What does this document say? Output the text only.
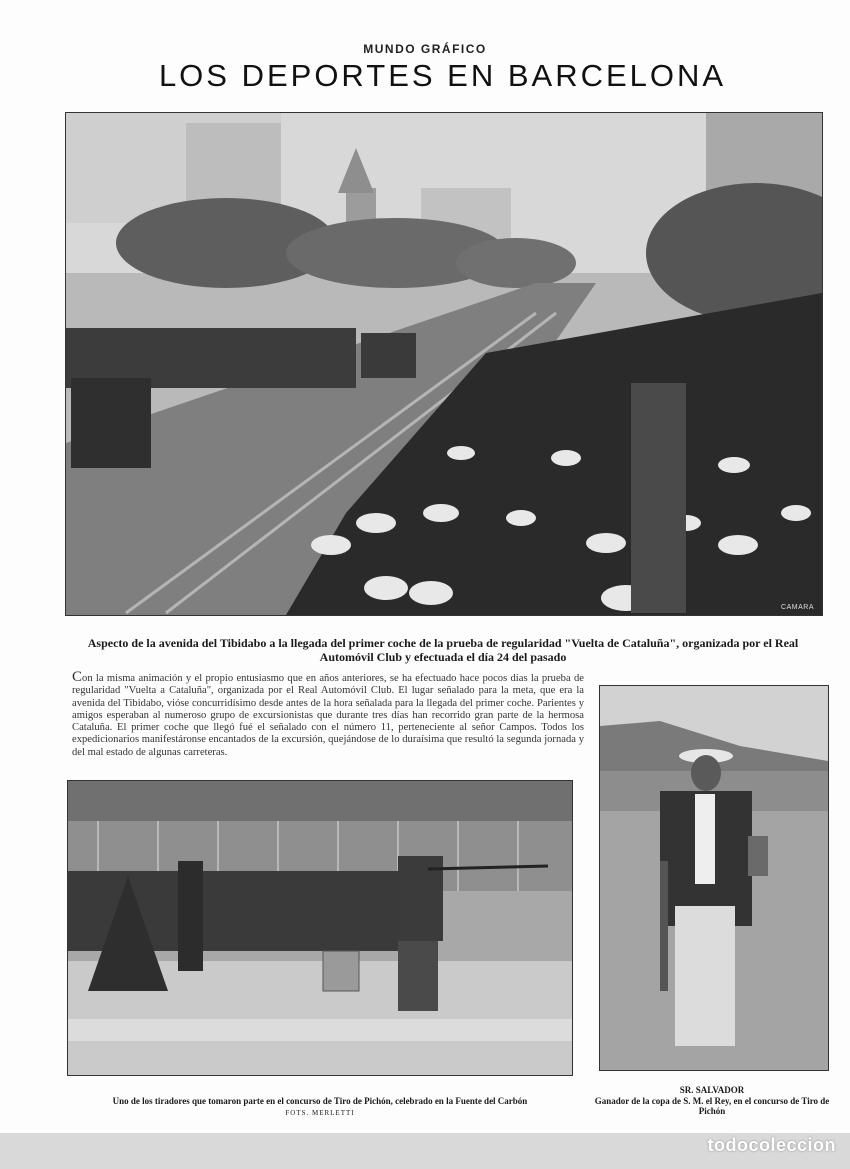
MUNDO GRÁFICO
LOS DEPORTES EN BARCELONA
CAMARA
Aspecto de la avenida del Tibidabo a la llegada del primer coche de la prueba de regularidad "Vuelta de Cataluña", organizada por el Real Automóvil Club y efectuada el día 24 del pasado
Con la misma animación y el propio entusiasmo que en años anteriores, se ha efectuado hace pocos días la prueba de regularidad "Vuelta a Cataluña", organizada por el Real Automóvil Club. El lugar señalado para la meta, que era la avenida del Tibidabo, vióse concurridísimo desde antes de la hora señalada para la llegada del primer coche. Parientes y amigos esperaban al numeroso grupo de excursionistas que durante tres días han recorrido gran parte de la hermosa Cataluña. El primer coche que llegó fué el señalado con el número 11, perteneciente al señor Campos. Todos los expedicionarios manifestáronse encantados de la excursión, quejándose de lo duraísima que resultó la segunda jornada y del mal estado de algunas carreteras.
Uno de los tiradores que tomaron parte en el concurso de Tiro de Pichón, celebrado en la Fuente del Carbón
FOTS. MERLETTI
SR. SALVADOR
Ganador de la copa de S. M. el Rey, en el concurso de Tiro de Pichón
todocoleccion
